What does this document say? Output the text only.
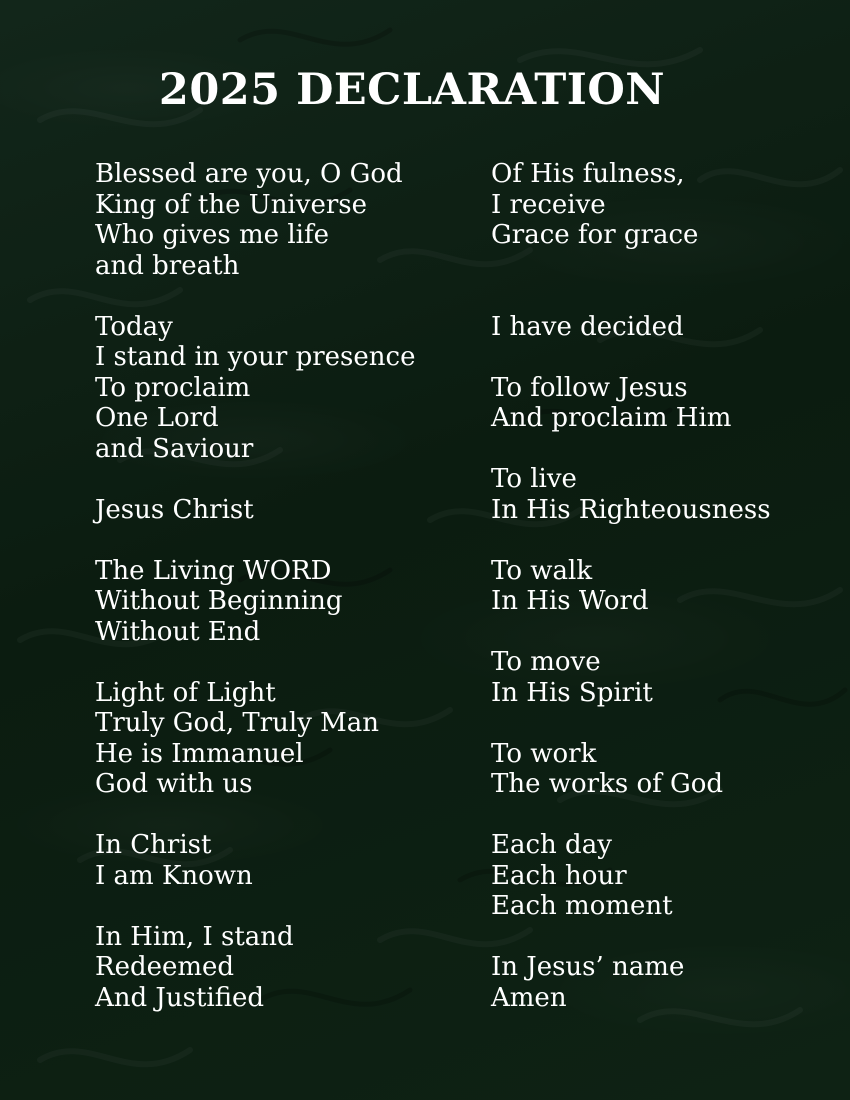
2025 DECLARATION
Blessed are you, O God
King of the Universe
Who gives me life
and breath
Today
I stand in your presence
To proclaim
One Lord
and Saviour
Jesus Christ
The Living WORD
Without Beginning
Without End
Light of Light
Truly God, Truly Man
He is Immanuel
God with us
In Christ
I am Known
In Him, I stand
Redeemed
And Justified
Of His fulness,
I receive
Grace for grace
I have decided
To follow Jesus
And proclaim Him
To live
In His Righteousness
To walk
In His Word
To move
In His Spirit
To work
The works of God
Each day
Each hour
Each moment
In Jesus’ name
Amen
